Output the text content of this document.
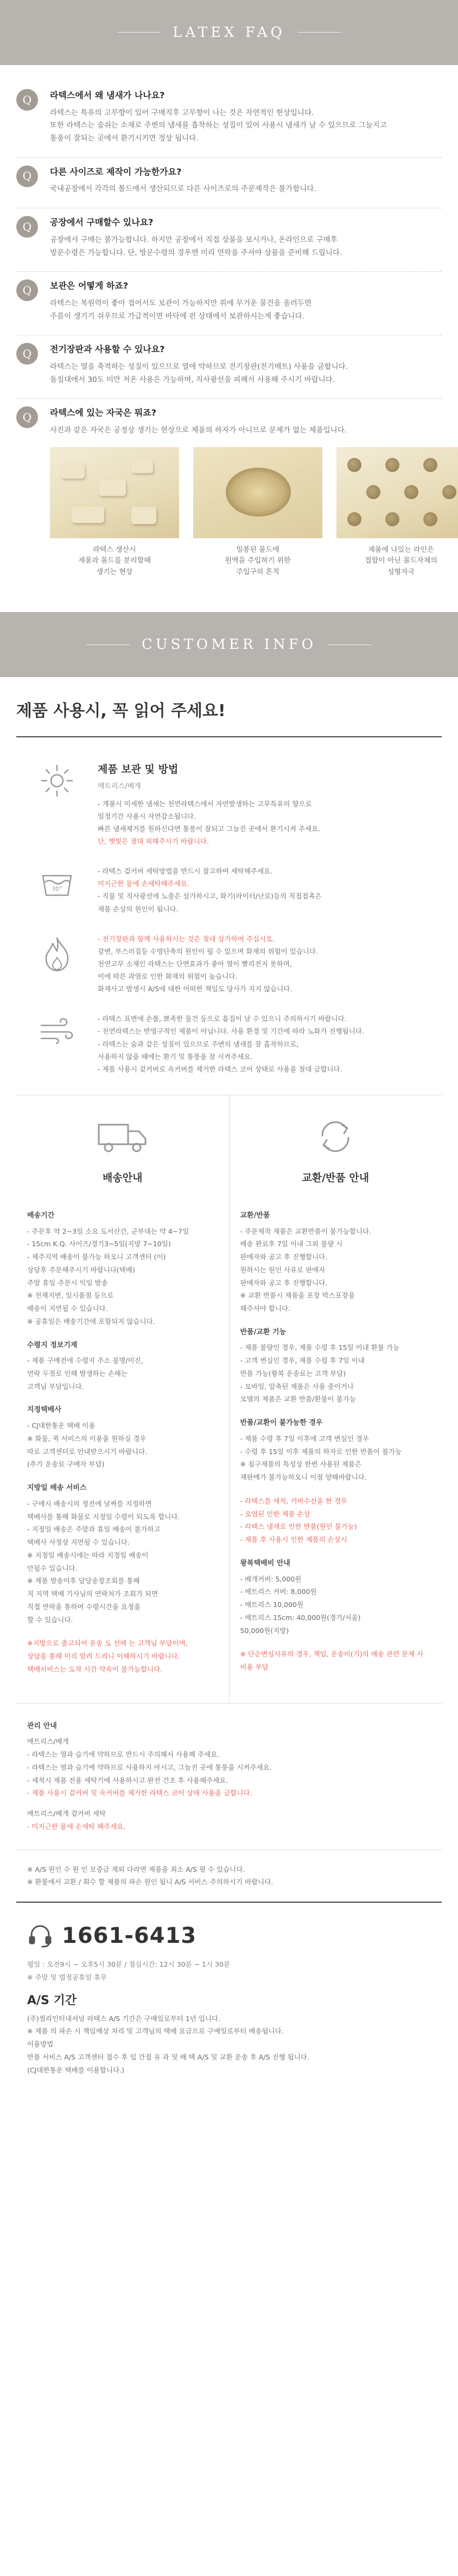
LATEX FAQ
Q	라텍스에서 왜 냄새가 나나요?

라텍스는 특유의 고무향이 있어 구매직후 고무향이 나는 것은 자연적인 현상입니다.

또한 라텍스는 숨쉬는 소재로 주변의 냄새를 흡착하는 성질이 있어 사용시 냄새가 날 수 있으므로 그늘지고

통풍이 잘되는 곳에서 환기시키면 정상 됩니다.

Q	다른 사이즈로 제작이 가능한가요?

국내공장에서 각각의 몰드에서 생산되므로 다른 사이즈로의 주문제작은 불가합니다.

Q	공장에서 구매할수 있나요?

공장에서 구매는 불가능합니다. 하지만 공장에서 직접 상품을 보시거나, 온라인으로 구매후

방문수령은 가능합니다. 단, 방문수령의 경우엔 미리 연락을 주셔야 상품을 준비해 드립니다.

Q	보관은 어떻게 하죠?

라텍스는 복원력이 좋아 접어서도 보관이 가능하지만 위에 무거운 물건을 올려두면

주름이 생기기 쉬우므로 가급적이면 바닥에 펀 상태에서 보관하시는게 좋습니다.

Q	전기장판과 사용할 수 있나요?

라텍스는 열을 축적하는 성질이 있으므로 열에 약하므로 전기장판(전기매트) 사용을 금합니다.

돌침대에서 30도 미만 저온 사용은 가능하며, 직사광선을 피해서 사용해 주시기 바랍니다.

Q	라텍스에 있는 자국은 뭐죠?

사진과 같은 자국은 공정상 생기는 현상으로 제품의 하자가 아니므로 문제가 없는 제품입니다.

라텍스 생산시
제품과 몰드를 분리할때
생기는 현상
밀봉된 몰드에
원액을 주입하기 위한
주입구의 흔적
제품에 나있는 라인은
접합이 아닌 몰드자체의
성형자국
CUSTOMER INFO
제품 사용시, 꼭 읽어 주세요!
제품 보관 및 방법
매트리스/베개
- 개봉시 미세한 냄새는 천연라텍스에서 자연발생하는 고무특유의 향으로
일정기간 사용시 자연감소됩니다.
빠른 냄새제거를 원하신다면 통풍이 잘되고 그늘진 곳에서 환기시켜 주세요.
단, 햇빛은 절대 피해주시기 바랍니다.
30°
- 라텍스 겉커버 세탁방법을 반드시 참고하여 세탁해주세요.
미지근한 물에 손세탁해주세요.
- 직물 및 직사광선에 노출은 삼가하시고, 화기(라이터/난로)등의 직접접촉은
제품 손상의 원인이 됩니다.
- 전기장판과 함께 사용하시는 것은 절대 삼가하여 주십시오.
갈변, 부스러짐등 수명단축의 원인이 될 수 있으며 화재의 위험이 있습니다.
천연고무 소재인 라텍스는 단면효과가 좋아 열이 빨리전지 못하며,
이에 따른 과열로 인한 화재의 위험이 높습니다.
화재사고 발생시 A/S에 대한 어떠한 책임도 당사가 지지 않습니다.
- 라텍스 표면에 손톱, 뾰족한 물건 등으로 흠집이 날 수 있으니 주의하시기 바랍니다.
- 천연라텍스는 반영구적인 제품이 아닙니다. 사용 환경 및 기간에 따라 노화가 진행됩니다.
- 라텍스는 숨과 같은 성질이 있으므로 주변의 냄새를 잘 흡착하므로,
사용하지 않을 때에는 환기 및 통풍을 잘 시켜주세요.
- 제품 사용시 겉커버로 속커버를 제거한 라텍스 코어 상태로 사용을 절대 금합니다.
배송안내
배송기간
- 주문후 약 2~3일 소요 도서산간, 군부대는 약 4~7일
- 15cm K.Q. 사이즈/경기3~5일(지방 7~10일)
- 제주지역 배송이 불가능 하오니 고객센터 (이)
상담후 주문해주시기 바랍니다(택배)
주말 휴일 주문시 익일 발송
※ 천재지변, 일시품절 등으로
배송이 지연될 수 있습니다.
※ 공휴일은 배송기간에 포함되지 않습니다.
수령지 정보기재
- 제품 구매전에 수령지 주소 불명/미진,
연락 두절로 인해 발생하는 손해는
고객님 부담입니다.
지정택배사
- CJ대한통운 택배 이용
※ 화물, 퀵 서비스의 이용을 원하실 경우
따로 고객센터로 안내받으시기 바랍니다.
(추가 운송료 구매자 부담)
지방일 배송 서비스
- 구매시 배송시의 정전에 날짜를 지정하면
택배사를 통해 화물로 지정일 수령이 되도록 합니다.
- 지정일 배송은 주말과 휴일 배송이 불가하고
택배사 사정상 지연될 수 있습니다.
※ 지정일 배송시에는 따라 지정일 배송이
안될수 있습니다.
※ 제품 발송이후 담당송장조회를 통해
직 지역 택배 기사님의 연락처가 조회가 되면
직접 연락을 통하여 수령시간을 요청을
할 수 있습니다.
※지방으로 출고되어 운송 도 선배 는 고객님 부담이며,
상담을 통해 미리 알려 드리니 이해하시기 바랍니다.
택배서비스는 도착 시간 약속이 불가능합니다.
교환/반품 안내
교환/반품
- 주문제작 제품은 교환반품이 불가능합니다.
배송 완료후 7일 이내 그외 불량 시
판매자와 공고 후 진행합니다.
원하시는 원인 사유로 판매자
판매자와 공고 후 진행합니다.
※ 교환 반품시 제품을 포장 박스포장을
해주셔야 합니다.
반품/교환 기능
- 제품 불량인 경우, 제품 수령 후 15일 이내 환불 가능
- 고객 변심인 경우, 제품 수령 후 7일 이내
반품 가능(왕복 운송료는 고객 부담)
- 모바일, 압축된 제품은 사용 중이거나
모델의 제품은 교환 반품/환불이 불가능
반품/교환이 불가능한 경우
- 제품 수령 후 7일 이후에 고객 변심인 경우
- 수령 후 15일 이후 제품의 하자로 인한 반품이 불가능
※ 침구제품의 특성상 한번 사용된 제품은
재판매가 불가능하오니 이점 양해바랍니다.
- 라텍스를 세척, 커버수선을 한 경우
- 오염된 인한 제품 손상
- 라텍스 냄새로 인한 반품(원인 불가능)
- 제품 후 사용시 인한 제품의 손상시
왕복택배비 안내
- 베개커버: 5,000원
- 매트리스 커버: 8,000원
- 매트리스 10,000원
- 매트리스 15cm: 40,000원(경기/서울)
50,000원(지방)
※ 단순변심사유의 경우, 책임, 운송비(기)의 배송 관련 문제 사 비용 부담
관리 안내
매트리스/베개
- 라텍스는 열과 습기에 약하므로 반드시 주의해서 사용해 주세요.
- 라텍스는 열과 습기에 약하므로 사용하지 마시고, 그늘진 곳에 통풍을 시켜주세요.
- 세척시 제품 전용 세탁기에 사용하시고 완전 건조 후 사용해주세요.
- 제품 사용시 겉커버 및 속커버를 제거한 라텍스 코어 상태 사용을 금합니다.
매트리스/베개 겉커버 세탁
- 미지근한 물에 손세탁 해주세요.
※ A/S 원인 수 원 인 보증금 제외 다라면 제품을 최소 A/S 필 수 있습니다.
※ 환불에서 교환 / 회수 할 제품의 파손 원인 됩니 A/S 서비스 주의하시기 바랍니다.
1661-6413
평일 : 오전9시 ~ 오후5시 30분 / 점심시간: 12시 30분 ~ 1시 30분
※ 주말 및 법정공휴일 휴무
A/S 기간
(주)씰리인터내셔널 라텍스 A/S 기간은 구매일로부터 1년 입니다.
※ 제품 의 파손 시 책임배상 처리 및 고객님의 택배 요금으로 구매일로부터 배송됩니다.
이용방법
반품 서비스 A/S 고객센터 접수 후 입 간접 유 과 및 배 택 A/S 및 교환 운송 후 A/S 진행 됩니다.
(CJ대한통운 택배를 이용합니다.)
